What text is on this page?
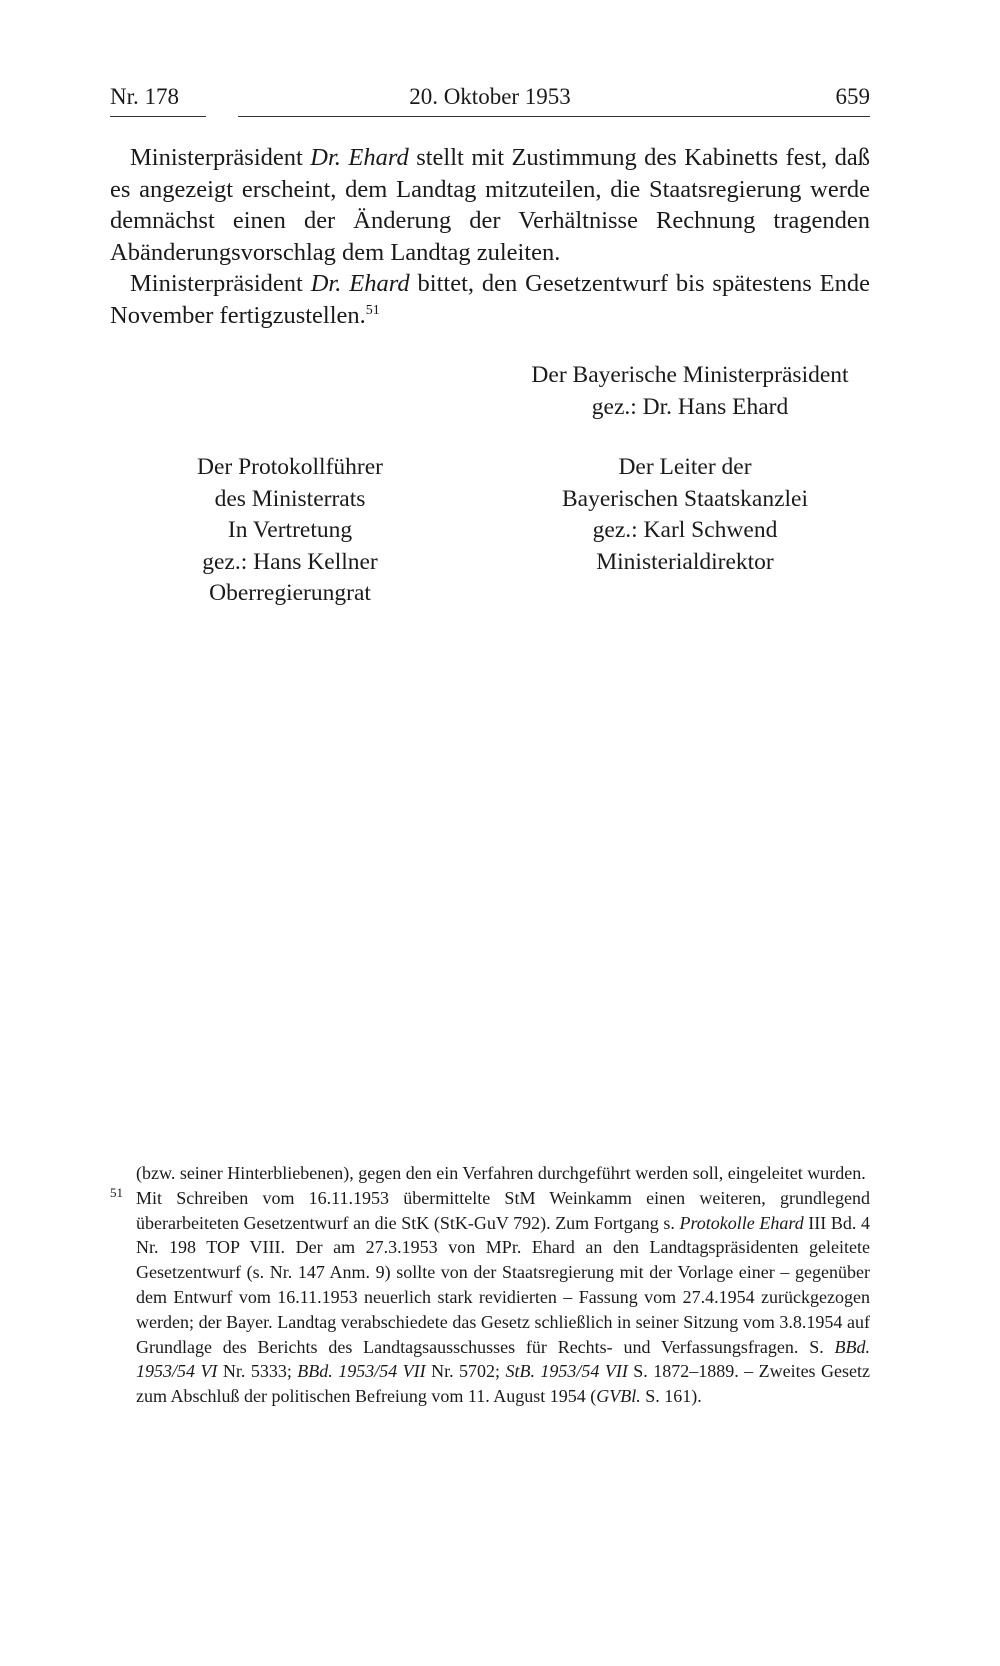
Nr. 178	20. Oktober 1953	659

Ministerpräsident Dr. Ehard stellt mit Zustimmung des Kabinetts fest, daß es angezeigt erscheint, dem Landtag mitzuteilen, die Staatsregierung werde demnächst einen der Änderung der Verhältnisse Rechnung tragenden Abänderungsvorschlag dem Landtag zuleiten.

Ministerpräsident Dr. Ehard bittet, den Gesetzentwurf bis spätestens Ende November fertigzustellen.$^{51}$

Der Bayerische Ministerpräsident
gez.: Dr. Hans Ehard
Der Protokollführer
des Ministerrats
In Vertretung
gez.: Hans Kellner
Oberregierungrat
Der Leiter der
Bayerischen Staatskanzlei
gez.: Karl Schwend
Ministerialdirektor

(bzw. seiner Hinterbliebenen), gegen den ein Verfahren durchgeführt werden soll, eingeleitet wurden.

51 Mit Schreiben vom 16.11.1953 übermittelte StM Weinkamm einen weiteren, grundlegend überarbeiteten Gesetzentwurf an die StK (StK-GuV 792). Zum Fortgang s. Protokolle Ehard III Bd. 4 Nr. 198 TOP VIII. Der am 27.3.1953 von MPr. Ehard an den Landtagspräsidenten geleitete Gesetzentwurf (s. Nr. 147 Anm. 9) sollte von der Staatsregierung mit der Vorlage einer – gegenüber dem Entwurf vom 16.11.1953 neuerlich stark revidierten – Fassung vom 27.4.1954 zurückgezogen werden; der Bayer. Landtag verabschiedete das Gesetz schließlich in seiner Sitzung vom 3.8.1954 auf Grundlage des Berichts des Landtagsausschusses für Rechts- und Verfassungsfragen. S. BBd. 1953/54 VI Nr. 5333; BBd. 1953/54 VII Nr. 5702; StB. 1953/54 VII S. 1872–1889. – Zweites Gesetz zum Abschluß der politischen Befreiung vom 11. August 1954 (GVBl. S. 161).
